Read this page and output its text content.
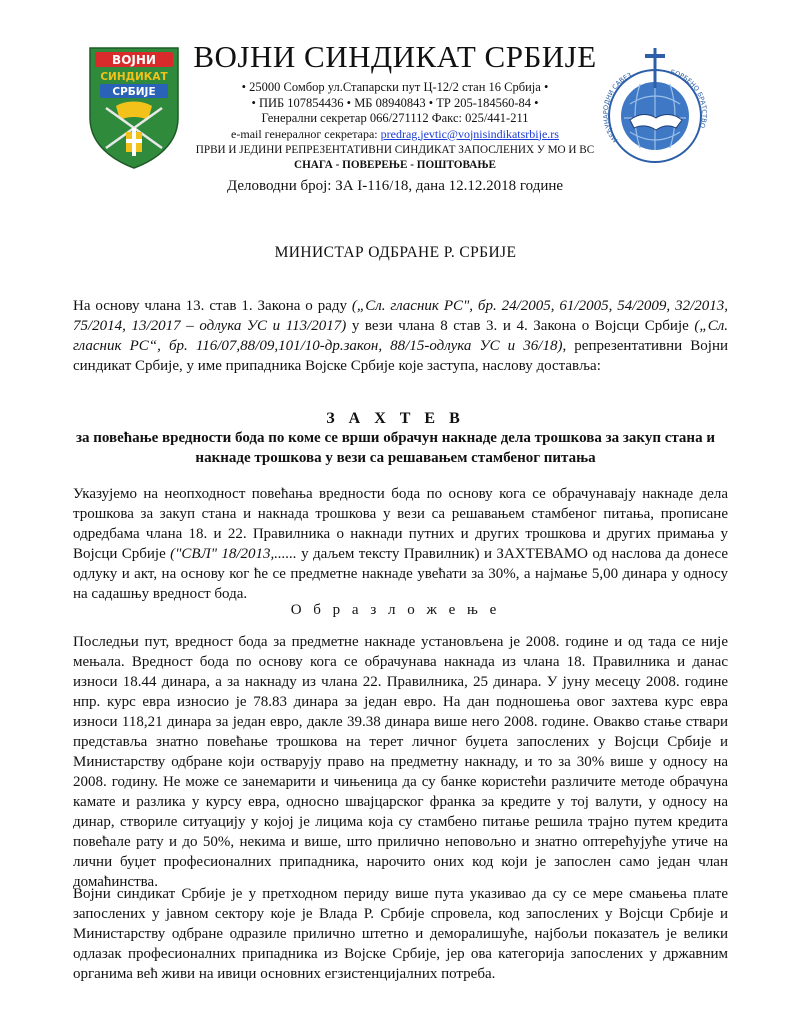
ВОЈНИ
СИНДИКАТ
СРБИЈЕ
ВОЈНИ СИНДИКАТ СРБИЈЕ
• 25000 Сомбор ул.Стапарски пут Ц-12/2 стан 16 Србија •
• ПИБ 107854436 • МБ 08940843 • ТР 205-184560-84 •
Генерални секретар 066/271112 Факс: 025/441-211
e-mail генералног секретара: predrag.jevtic@vojnisindikatsrbije.rs
ПРВИ И ЈЕДИНИ РЕПРЕЗЕНТАТИВНИ СИНДИКАТ ЗАПОСЛЕНИХ У МО И ВС
СНАГА - ПОВЕРЕЊЕ - ПОШТОВАЊЕ
МЕЂУНАРОДНИ САВЕЗ	БОРБЕНО БРАТСТВО
Деловодни број: ЗА I-116/18, дана 12.12.2018 године
МИНИСТАР ОДБРАНЕ Р. СРБИЈЕ

На основу члана 13. став 1. Закона о раду („Сл. гласник РС", бр. 24/2005, 61/2005, 54/2009, 32/2013, 75/2014, 13/2017 – одлука УС и 113/2017) у вези члана 8 став 3. и 4. Закона о Војсци Србије („Сл. гласник РС“, бр. 116/07,88/09,101/10-др.закон, 88/15-одлука УС и 36/18), репрезентативни Војни синдикат Србије, у име припадника Војске Србије које заступа, наслову доставља:

З А Х Т Е В
за повећање вредности бода по коме се врши обрачун накнаде дела трошкова за закуп стана и накнаде трошкова у вези са решавањем стамбеног питања

Указујемо на неопходност повећања вредности бода по основу кога се обрачунавају накнаде дела трошкова за закуп стана и накнада трошкова у вези са решавањем стамбеног питања, прописане одредбама члана 18. и 22. Правилника о накнади путних и других трошкова и других примања у Војсци Србије ("СВЛ" 18/2013,...... у даљем тексту Правилник) и ЗАХТЕВАМО од наслова да донесе одлуку и акт, на основу ког ће се предметне накнаде увећати за 30%, а најмање 5,00 динара у односу на садашњу вредност бода.

О б р а з л о ж е њ е

Последњи пут, вредност бода за предметне накнаде установљена је 2008. године и од тада се није мењала. Вредност бода по основу кога се обрачунава накнада из члана 18. Правилника и данас износи 18.44 динара, а за накнаду из члана 22. Правилника, 25 динара. У јуну месецу 2008. године нпр. курс евра износио је 78.83 динара за један евро. На дан подношења овог захтева курс евра износи 118,21 динара за један евро, дакле 39.38 динара више него 2008. године. Овакво стање ствари представља знатно повећање трошкова на терет личног буџета запослених у Војсци Србије и Министарству одбране који остварују право на предметну накнаду, и то за 30% више у односу на 2008. годину. Не може се занемарити и чињеница да су банке користећи различите методе обрачуна камате и разлика у курсу евра, односно швајцарског франка за кредите у тој валути, у односу на динар, створиле ситуацију у којој је лицима која су стамбено питање решила трајно путем кредита повећале рату и до 50%, некима и више, што прилично неповољно и знатно оптерећујуће утиче на лични буџет професионалних припадника, нарочито оних код који је запослен само један члан домаћинства.

Војни синдикат Србије је у претходном периду више пута указивао да су се мере смањења плате запослених у јавном сектору које је Влада Р. Србије спровела, код запослених у Војсци Србије и Министарству одбране одразиле прилично штетно и деморалишуће, најбољи показатељ је велики одлазак професионалних припадника из Војске Србије, јер ова категорија запослених у државним органима већ живи на ивици основних егзистенцијалних потреба.
